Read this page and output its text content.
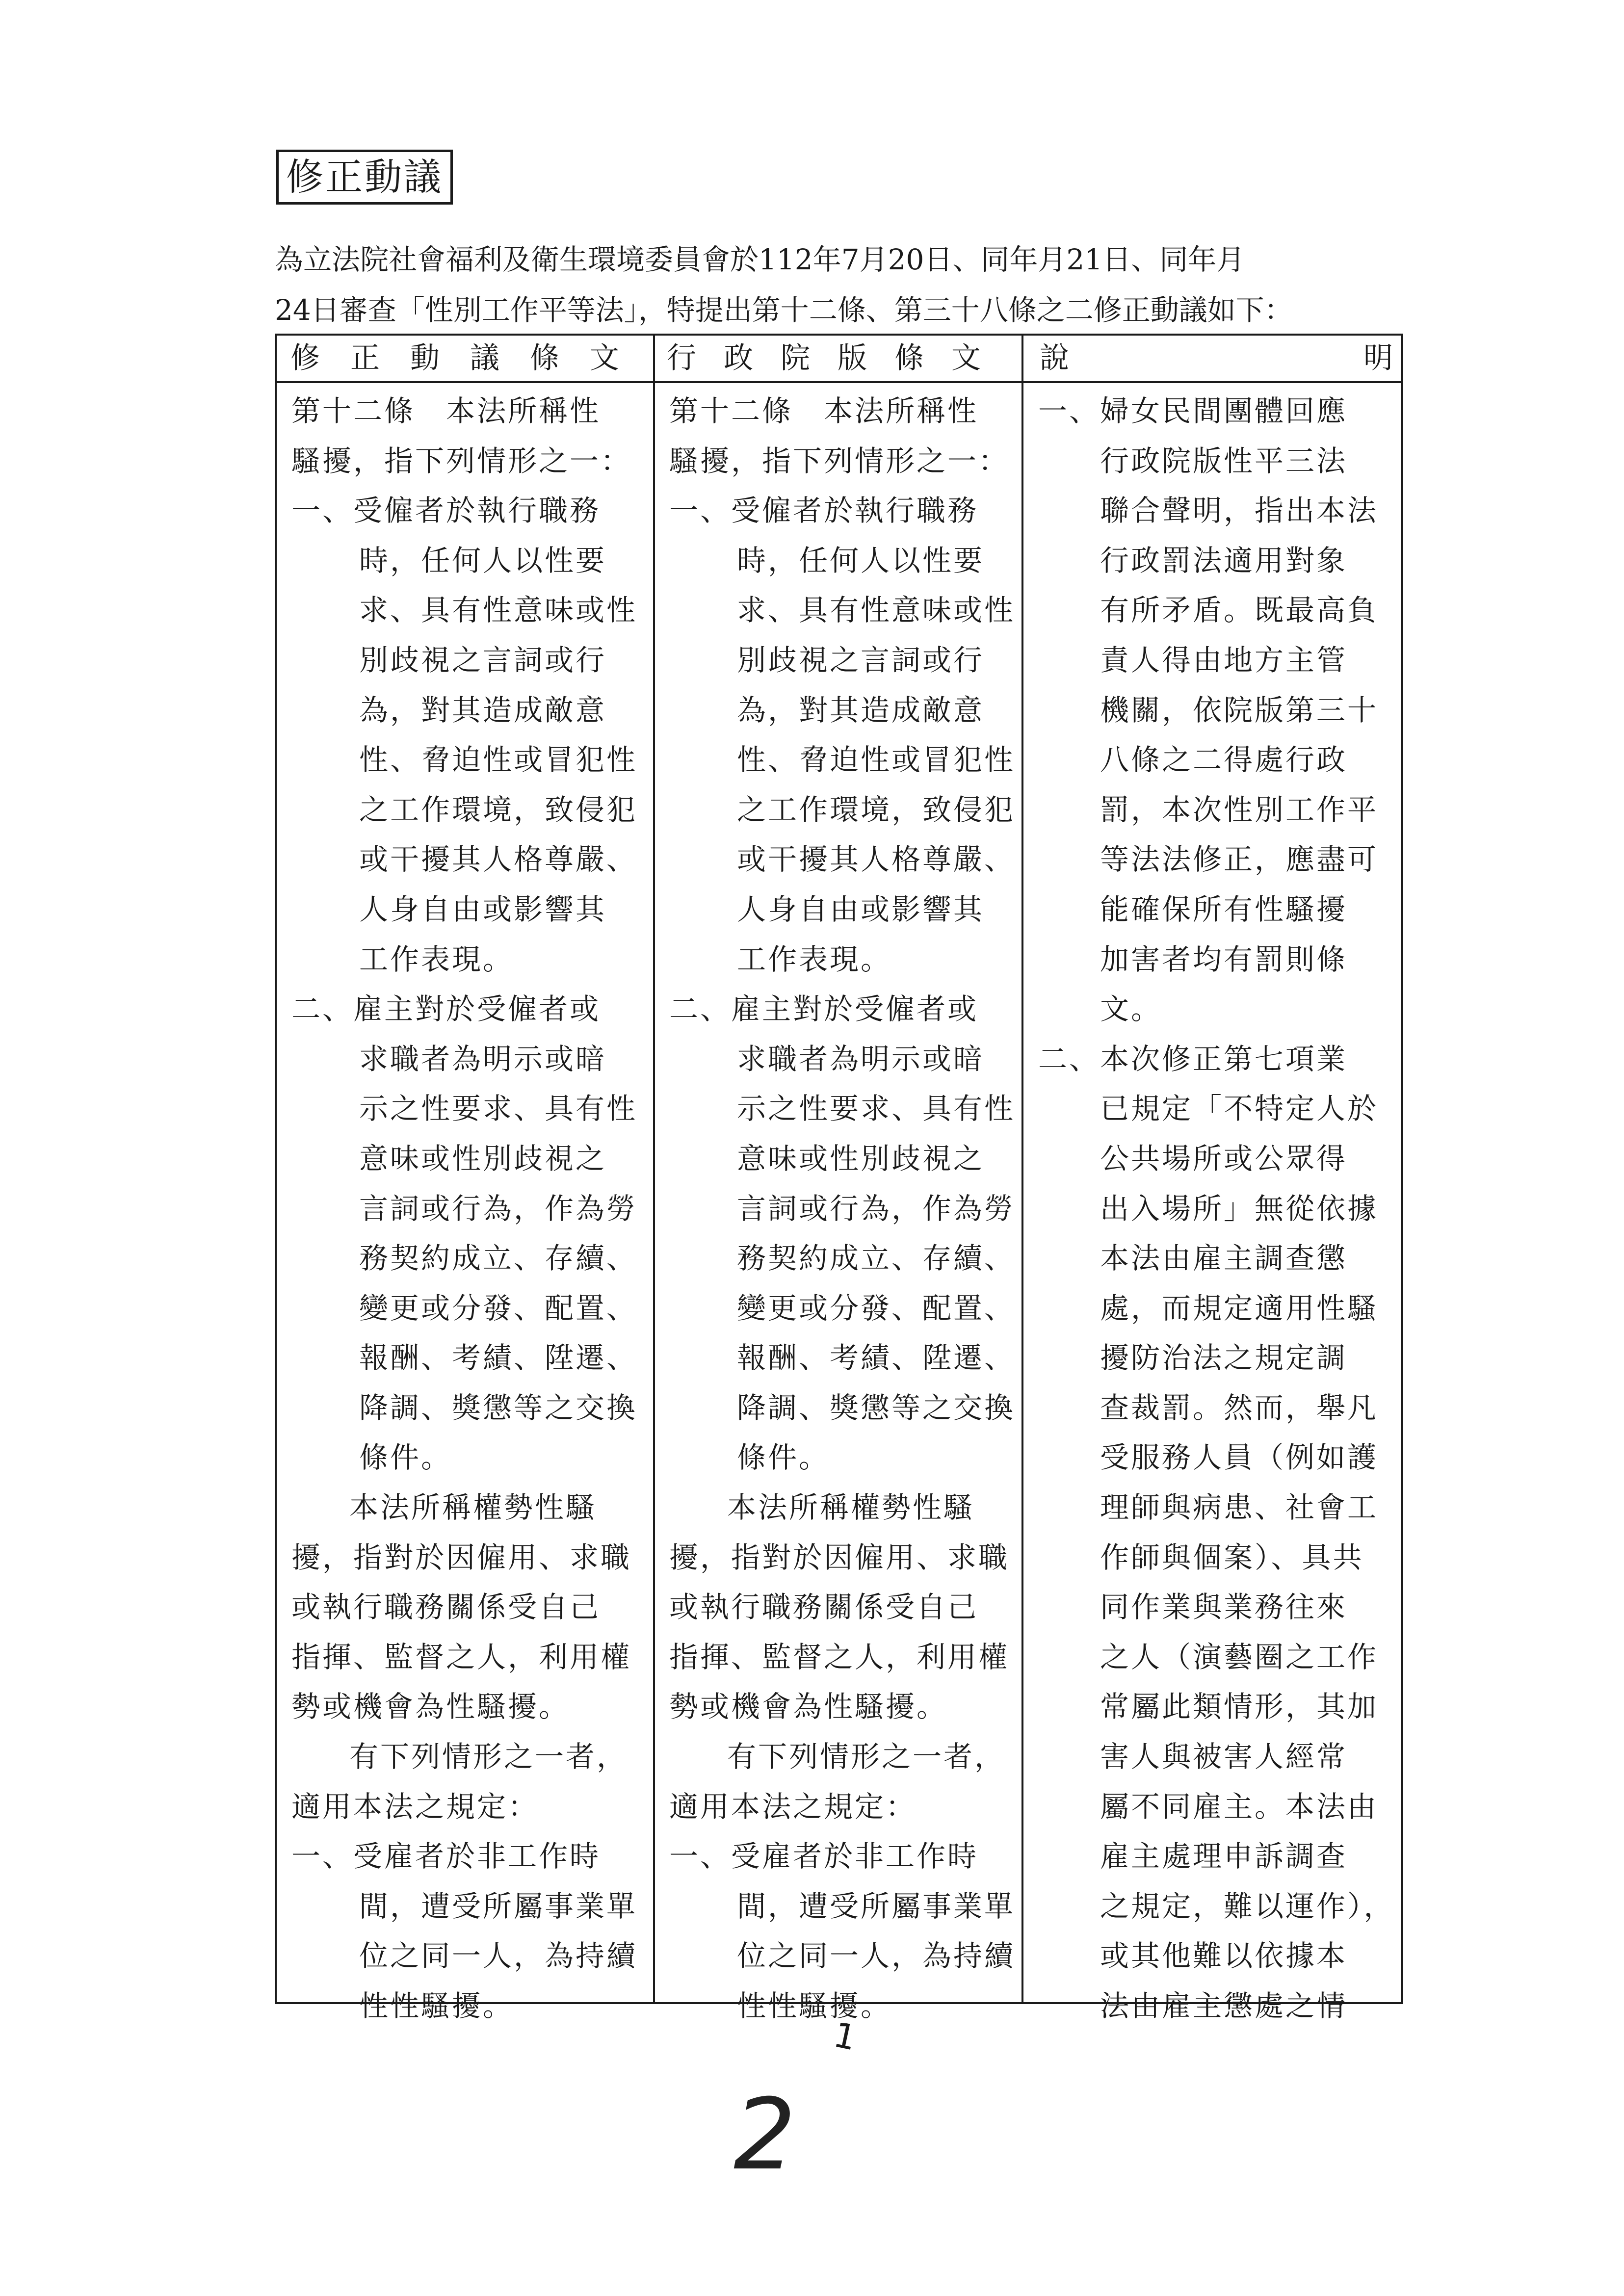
修正動議
為立法院社會福利及衛生環境委員會於112年7月20日、同年月21日、同年月
24日審查「性別工作平等法」，特提出第十二條、第三十八條之二修正動議如下：
修正動議條文 行政院版條文 說	明
第十二條　本法所稱性
騷擾，指下列情形之一：
一、受僱者於執行職務
時，任何人以性要
求、具有性意味或性
別歧視之言詞或行
為，對其造成敵意
性、脅迫性或冒犯性
之工作環境，致侵犯
或干擾其人格尊嚴、
人身自由或影響其
工作表現。
二、雇主對於受僱者或
求職者為明示或暗
示之性要求、具有性
意味或性別歧視之
言詞或行為，作為勞
務契約成立、存續、
變更或分發、配置、
報酬、考績、陞遷、
降調、獎懲等之交換
條件。
本法所稱權勢性騷
擾，指對於因僱用、求職
或執行職務關係受自己
指揮、監督之人，利用權
勢或機會為性騷擾。
有下列情形之一者，
適用本法之規定：
一、受雇者於非工作時
間，遭受所屬事業單
位之同一人，為持續
性性騷擾。
第十二條　本法所稱性
騷擾，指下列情形之一：
一、受僱者於執行職務
時，任何人以性要
求、具有性意味或性
別歧視之言詞或行
為，對其造成敵意
性、脅迫性或冒犯性
之工作環境，致侵犯
或干擾其人格尊嚴、
人身自由或影響其
工作表現。
二、雇主對於受僱者或
求職者為明示或暗
示之性要求、具有性
意味或性別歧視之
言詞或行為，作為勞
務契約成立、存續、
變更或分發、配置、
報酬、考績、陞遷、
降調、獎懲等之交換
條件。
本法所稱權勢性騷
擾，指對於因僱用、求職
或執行職務關係受自己
指揮、監督之人，利用權
勢或機會為性騷擾。
有下列情形之一者，
適用本法之規定：
一、受雇者於非工作時
間，遭受所屬事業單
位之同一人，為持續
性性騷擾。
一、婦女民間團體回應
行政院版性平三法
聯合聲明，指出本法
行政罰法適用對象
有所矛盾。既最高負
責人得由地方主管
機關，依院版第三十
八條之二得處行政
罰，本次性別工作平
等法法修正，應盡可
能確保所有性騷擾
加害者均有罰則條
文。
二、本次修正第七項業
已規定「不特定人於
公共場所或公眾得
出入場所」無從依據
本法由雇主調查懲
處，而規定適用性騷
擾防治法之規定調
查裁罰。然而，舉凡
受服務人員（例如護
理師與病患、社會工
作師與個案）、具共
同作業與業務往來
之人（演藝圈之工作
常屬此類情形，其加
害人與被害人經常
屬不同雇主。本法由
雇主處理申訴調查
之規定，難以運作），
或其他難以依據本
法由雇主懲處之情
1
2
